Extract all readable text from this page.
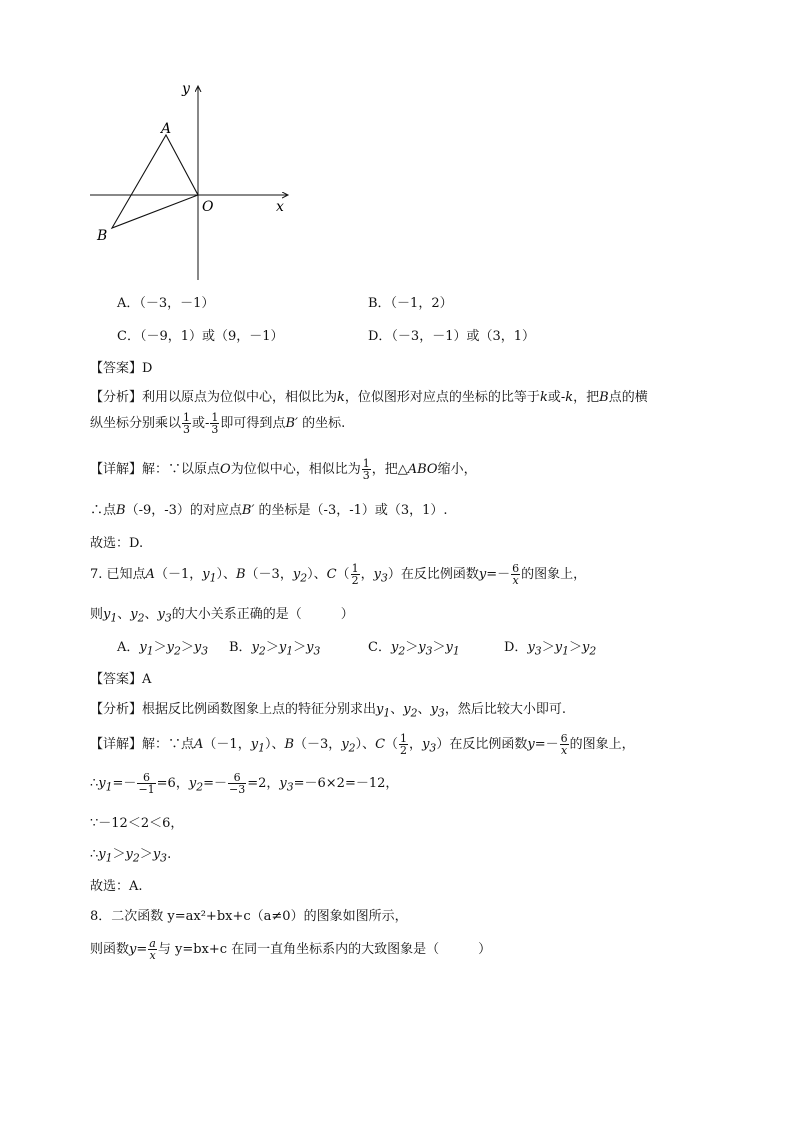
y
x
O
A
B
A．（－3，－1）	B．（－1，2）
C．（－9，1）或（9，－1）	D．（－3，－1）或（3，1）
【答案】D
【分析】利用以原点为位似中心，相似比为k，位似图形对应点的坐标的比等于k或-k，把B点的横
纵坐标分别乘以 $\frac{1}{3}$ 或- $\frac{1}{3}$ 即可得到点B′ 的坐标.
【详解】解：∵以原点O为位似中心，相似比为 $\frac{1}{3}$ ，把△ABO缩小，
∴点B（-9，-3）的对应点B′ 的坐标是（-3，-1）或（3，1）.
故选：D.
7. 已知点A（－1，$y_1$）、B（－3，$y_2$）、$C( \frac{1}{2}$ ，$y_3$）在反比例函数$y=- \frac{6}{x}$ 的图象上，
则$y_1$、$y_2$、$y_3$的大小关系正确的是（　　　）
A．$y_1>y_2>y_3$ B．$y_2>y_1>y_3$	C．$y_2>y_3>y_1$	D．$y_3>y_1>y_2$
【答案】A
【分析】根据反比例函数图象上点的特征分别求出$y_1$、$y_2$、$y_3$，然后比较大小即可.
【详解】解：∵点A（－1，$y_1$）、B（－3，$y_2$）、$C( \frac{1}{2}$ ，$y_3$）在反比例函数$y=- \frac{6}{x}$ 的图象上，
$\therefore y_1=- \frac{6}{-1} =6$，$y_2=- \frac{6}{-3} =2$，$y_3=-6\times 2=-12$，
∵－12＜2＜6，
$\therefore y_1>y_2>y_3$.
故选：A.
8．二次函数 y=ax²+bx+c（a≠0）的图象如图所示，
则函数$y= \frac{a}{x}$ 与 y=bx+c 在同一直角坐标系内的大致图象是（　　　）
